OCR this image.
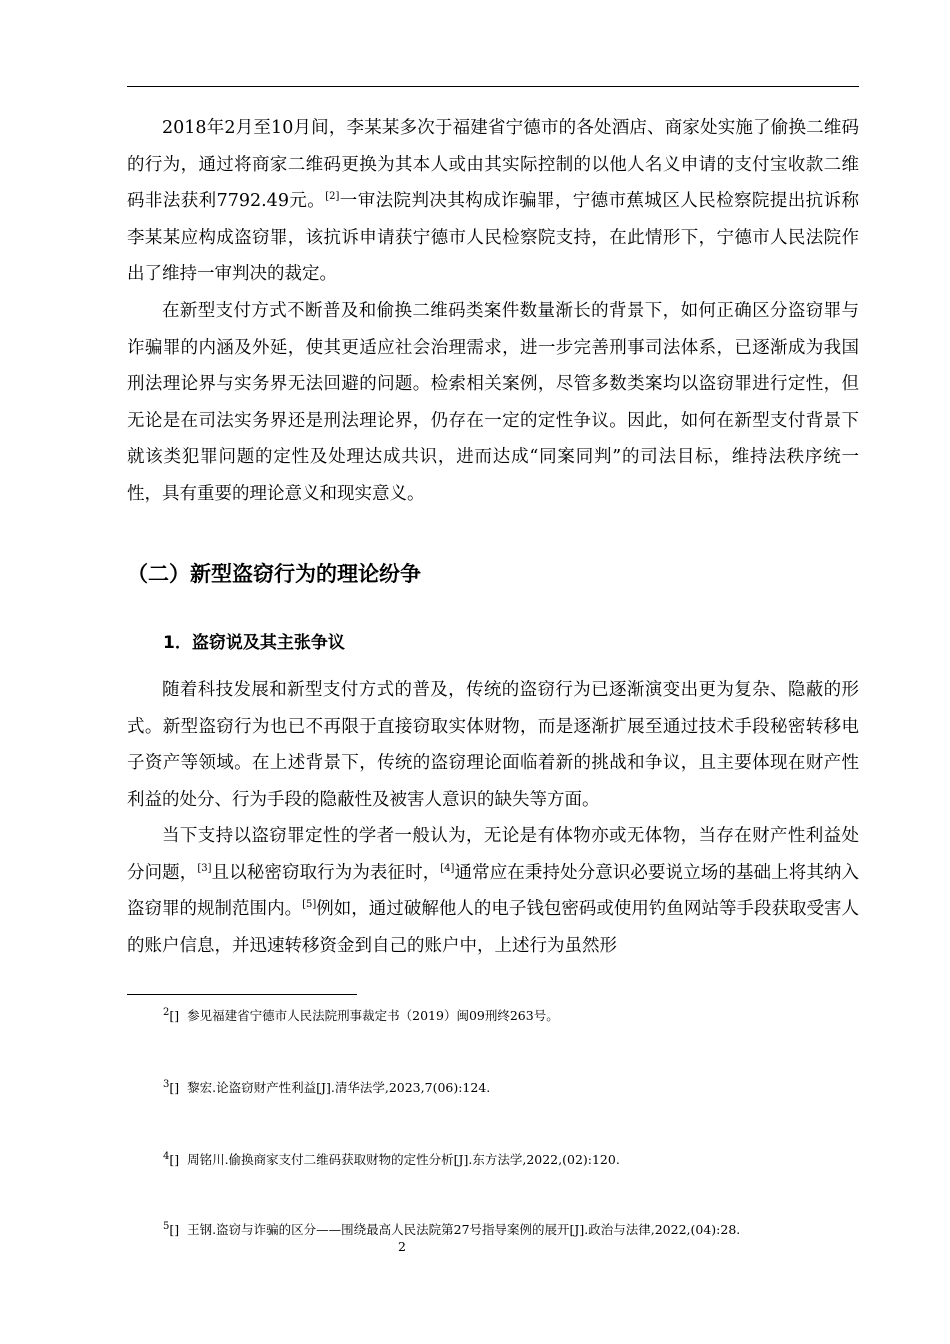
2018年2月至10月间，李某某多次于福建省宁德市的各处酒店、商家处实施了偷换二维码的行为，通过将商家二维码更换为其本人或由其实际控制的以他人名义申请的支付宝收款二维码非法获利7792.49元。[2]一审法院判决其构成诈骗罪，宁德市蕉城区人民检察院提出抗诉称李某某应构成盗窃罪，该抗诉申请获宁德市人民检察院支持，在此情形下，宁德市人民法院作出了维持一审判决的裁定。

在新型支付方式不断普及和偷换二维码类案件数量渐长的背景下，如何正确区分盗窃罪与诈骗罪的内涵及外延，使其更适应社会治理需求，进一步完善刑事司法体系，已逐渐成为我国刑法理论界与实务界无法回避的问题。检索相关案例，尽管多数类案均以盗窃罪进行定性，但无论是在司法实务界还是刑法理论界，仍存在一定的定性争议。因此，如何在新型支付背景下就该类犯罪问题的定性及处理达成共识，进而达成“同案同判”的司法目标，维持法秩序统一性，具有重要的理论意义和现实意义。

（二）新型盗窃行为的理论纷争
1．盗窃说及其主张争议

随着科技发展和新型支付方式的普及，传统的盗窃行为已逐渐演变出更为复杂、隐蔽的形式。新型盗窃行为也已不再限于直接窃取实体财物，而是逐渐扩展至通过技术手段秘密转移电子资产等领域。在上述背景下，传统的盗窃理论面临着新的挑战和争议，且主要体现在财产性利益的处分、行为手段的隐蔽性及被害人意识的缺失等方面。

当下支持以盗窃罪定性的学者一般认为，无论是有体物亦或无体物，当存在财产性利益处分问题，[3]且以秘密窃取行为为表征时，[4]通常应在秉持处分意识必要说立场的基础上将其纳入盗窃罪的规制范围内。[5]例如，通过破解他人的电子钱包密码或使用钓鱼网站等手段获取受害人的账户信息，并迅速转移资金到自己的账户中，上述行为虽然形

$^2$[] 参见福建省宁德市人民法院刑事裁定书（2019）闽09刑终263号。
$^3$[] 黎宏.论盗窃财产性利益[J].清华法学,2023,7(06):124.
$^4$[] 周铭川.偷换商家支付二维码获取财物的定性分析[J].东方法学,2022,(02):120.
$^5$[] 王钢.盗窃与诈骗的区分——围绕最高人民法院第27号指导案例的展开[J].政治与法律,2022,(04):28.
2
